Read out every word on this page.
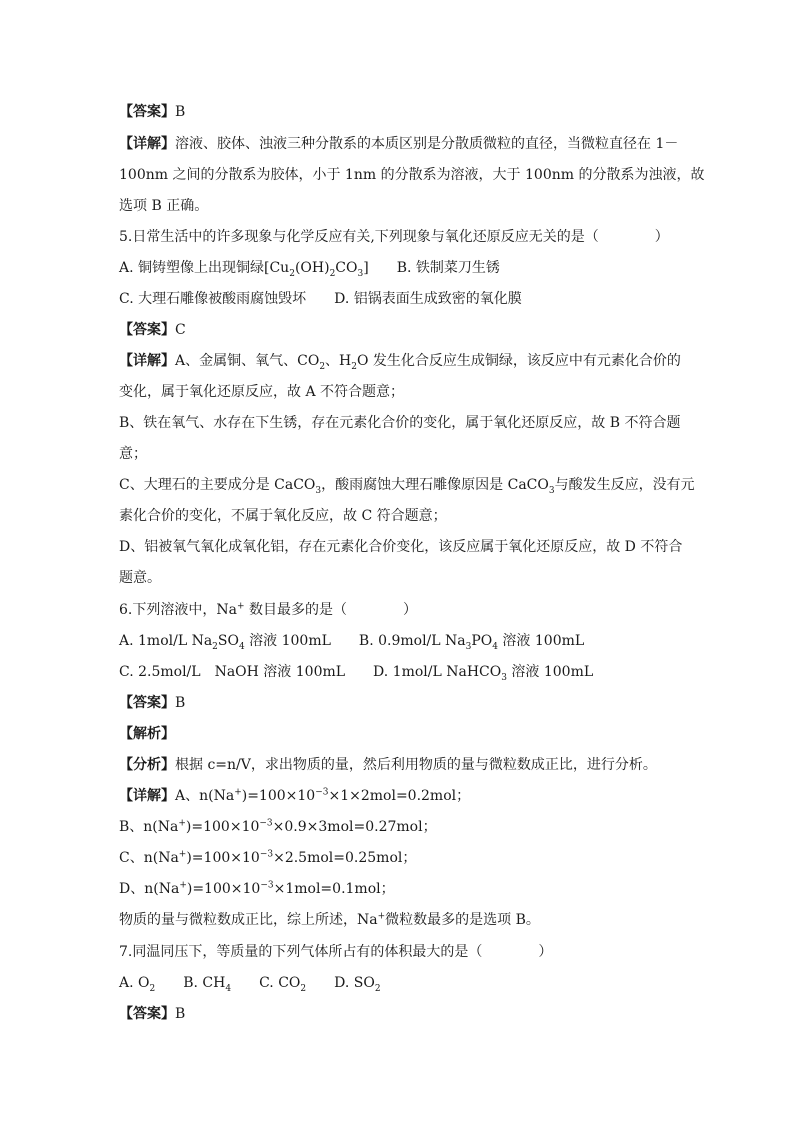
【答案】B
【详解】溶液、胶体、浊液三种分散系的本质区别是分散质微粒的直径，当微粒直径在 1－
100nm 之间的分散系为胶体，小于 1nm 的分散系为溶液，大于 100nm 的分散系为浊液，故
选项 B 正确。
5.日常生活中的许多现象与化学反应有关,下列现象与氧化还原反应无关的是（　　　　）
A. 铜铸塑像上出现铜绿$[Cu_2(OH)_2CO_3]$　　B. 铁制菜刀生锈
C. 大理石雕像被酸雨腐蚀毁坏　　D. 铝锅表面生成致密的氧化膜
【答案】C
【详解】A、金属铜、氧气、$CO_2$、$H_2O$ 发生化合反应生成铜绿，该反应中有元素化合价的
变化，属于氧化还原反应，故 A 不符合题意；
B、铁在氧气、水存在下生锈，存在元素化合价的变化，属于氧化还原反应，故 B 不符合题
意；
C、大理石的主要成分是 CaCO$_3$，酸雨腐蚀大理石雕像原因是 CaCO$_3$与酸发生反应，没有元
素化合价的变化，不属于氧化反应，故 C 符合题意；
D、铝被氧气氧化成氧化铝，存在元素化合价变化，该反应属于氧化还原反应，故 D 不符合
题意。
6.下列溶液中，Na+ 数目最多的是（　　　　）
A. 1mol/L $Na_2SO_4$ 溶液 100mL　　B. 0.9mol/L $Na_3PO_4$ 溶液 100mL
C. 2.5mol/L　NaOH 溶液 100mL　　D. 1mol/L NaHCO$_3$ 溶液 100mL
【答案】B
【解析】
【分析】根据 c=n/V，求出物质的量，然后利用物质的量与微粒数成正比，进行分析。
【详解】A、$n(Na^+)=100\times 10^{-3}\times 1\times 2mol=0.2mol$；
B、$n(Na^+)=100\times 10^{-3}\times 0.9\times 3mol=0.27mol$；
C、$n(Na^+)=100\times 10^{-3}\times 2.5mol=0.25mol$；
D、$n(Na^+)=100\times 10^{-3}\times 1mol=0.1mol$；
物质的量与微粒数成正比，综上所述，Na+微粒数最多的是选项 B。
7.同温同压下，等质量的下列气体所占有的体积最大的是（　　　　）
A. $O_2$　　B. $CH_4$　　C. $CO_2$　　D. $SO_2$
【答案】B
